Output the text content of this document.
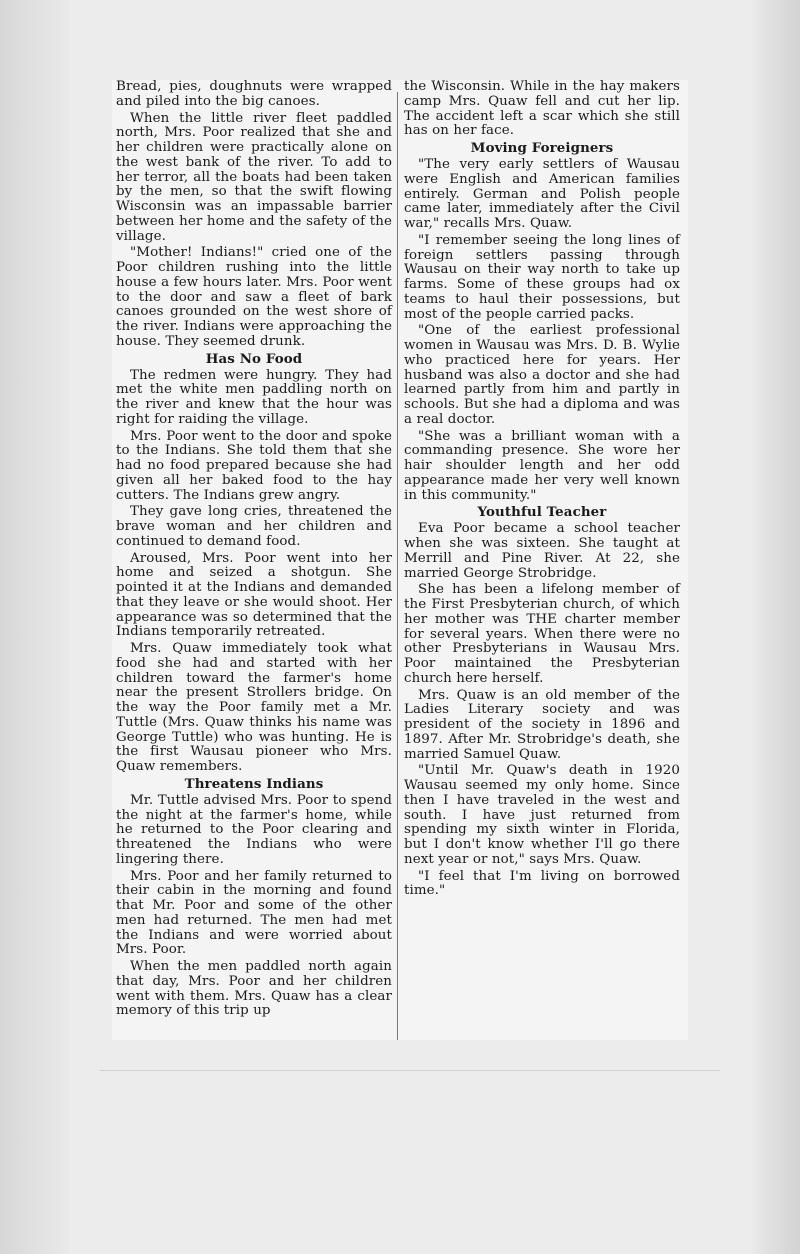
Bread, pies, doughnuts were wrapped and piled into the big canoes.

When the little river fleet paddled north, Mrs. Poor realized that she and her children were practically alone on the west bank of the river. To add to her terror, all the boats had been taken by the men, so that the swift flowing Wisconsin was an impassable barrier between her home and the safety of the village.

"Mother! Indians!" cried one of the Poor children rushing into the little house a few hours later. Mrs. Poor went to the door and saw a fleet of bark canoes grounded on the west shore of the river. Indians were approaching the house. They seemed drunk.

Has No Food

The redmen were hungry. They had met the white men paddling north on the river and knew that the hour was right for raiding the village.

Mrs. Poor went to the door and spoke to the Indians. She told them that she had no food prepared because she had given all her baked food to the hay cutters. The Indians grew angry.

They gave long cries, threatened the brave woman and her children and continued to demand food.

Aroused, Mrs. Poor went into her home and seized a shotgun. She pointed it at the Indians and demanded that they leave or she would shoot. Her appearance was so determined that the Indians temporarily retreated.

Mrs. Quaw immediately took what food she had and started with her children toward the farmer's home near the present Strollers bridge. On the way the Poor family met a Mr. Tuttle (Mrs. Quaw thinks his name was George Tuttle) who was hunting. He is the first Wausau pioneer who Mrs. Quaw remembers.

Threatens Indians

Mr. Tuttle advised Mrs. Poor to spend the night at the farmer's home, while he returned to the Poor clearing and threatened the Indians who were lingering there.

Mrs. Poor and her family returned to their cabin in the morning and found that Mr. Poor and some of the other men had returned. The men had met the Indians and were worried about Mrs. Poor.

When the men paddled north again that day, Mrs. Poor and her children went with them. Mrs. Quaw has a clear memory of this trip up

the Wisconsin. While in the hay makers camp Mrs. Quaw fell and cut her lip. The accident left a scar which she still has on her face.

Moving Foreigners

"The very early settlers of Wausau were English and American families entirely. German and Polish people came later, immediately after the Civil war," recalls Mrs. Quaw.

"I remember seeing the long lines of foreign settlers passing through Wausau on their way north to take up farms. Some of these groups had ox teams to haul their possessions, but most of the people carried packs.

"One of the earliest professional women in Wausau was Mrs. D. B. Wylie who practiced here for years. Her husband was also a doctor and she had learned partly from him and partly in schools. But she had a diploma and was a real doctor.

"She was a brilliant woman with a commanding presence. She wore her hair shoulder length and her odd appearance made her very well known in this community."

Youthful Teacher

Eva Poor became a school teacher when she was sixteen. She taught at Merrill and Pine River. At 22, she married George Strobridge.

She has been a lifelong member of the First Presbyterian church, of which her mother was THE charter member for several years. When there were no other Presbyterians in Wausau Mrs. Poor maintained the Presbyterian church here herself.

Mrs. Quaw is an old member of the Ladies Literary society and was president of the society in 1896 and 1897. After Mr. Strobridge's death, she married Samuel Quaw.

"Until Mr. Quaw's death in 1920 Wausau seemed my only home. Since then I have traveled in the west and south. I have just returned from spending my sixth winter in Florida, but I don't know whether I'll go there next year or not," says Mrs. Quaw.

"I feel that I'm living on borrowed time."
